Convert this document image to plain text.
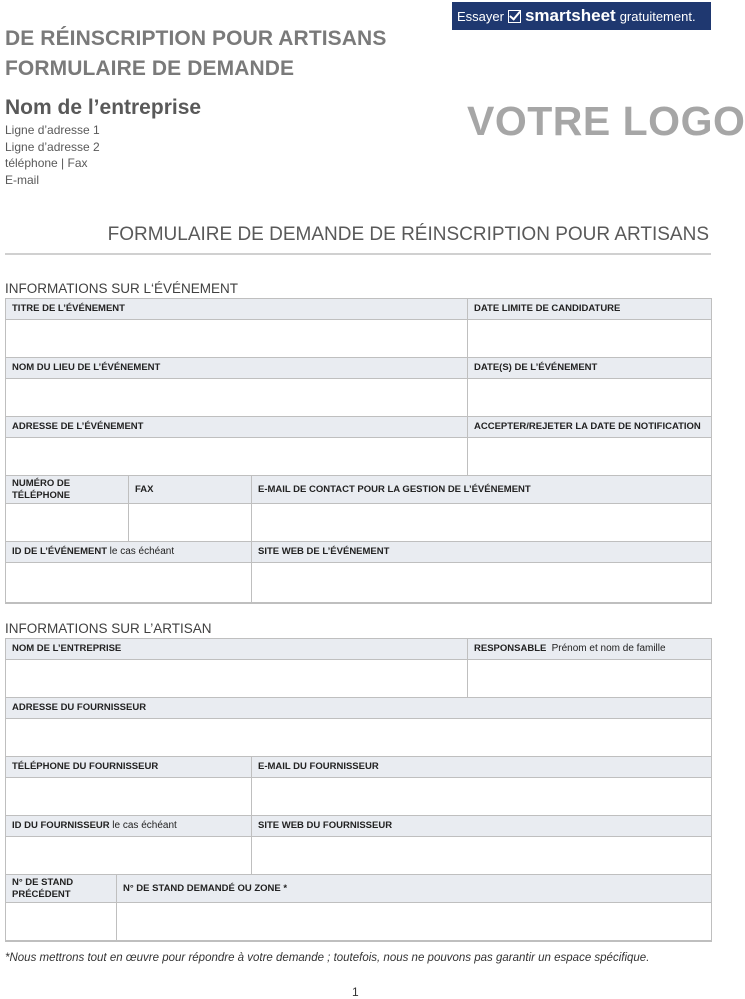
DE RÉINSCRIPTION POUR ARTISANS
FORMULAIRE DE DEMANDE
Essayer smartsheet gratuitement.
Nom de l’entreprise
Ligne d’adresse 1
Ligne d’adresse 2
téléphone | Fax
E-mail
VOTRE LOGO
FORMULAIRE DE DEMANDE DE RÉINSCRIPTION POUR ARTISANS
INFORMATIONS SUR L‘ÉVÉNEMENT
TITRE DE L’ÉVÉNEMENT			DATE LIMITE DE CANDIDATURE

NOM DU LIEU DE L’ÉVÉNEMENT			DATE(S) DE L’ÉVÉNEMENT

ADRESSE DE L’ÉVÉNEMENT			ACCEPTER/REJETER LA DATE DE NOTIFICATION

NUMÉRO DE TÉLÉPHONE	FAX	E-MAIL DE CONTACT POUR LA GESTION DE L’ÉVÉNEMENT	

ID DE L’ÉVÉNEMENT le cas échéant		SITE WEB DE L’ÉVÉNEMENT	

INFORMATIONS SUR L’ARTISAN
NOM DE L’ENTREPRISE			RESPONSABLE Prénom et nom de famille

ADRESSE DU FOURNISSEUR			

TÉLÉPHONE DU FOURNISSEUR		E-MAIL DU FOURNISSEUR	

ID DU FOURNISSEUR le cas échéant		SITE WEB DU FOURNISSEUR	

N° DE STAND PRÉCÉDENT	N° DE STAND DEMANDÉ OU ZONE *		

*Nous mettrons tout en œuvre pour répondre à votre demande ; toutefois, nous ne pouvons pas garantir un espace spécifique.
1
